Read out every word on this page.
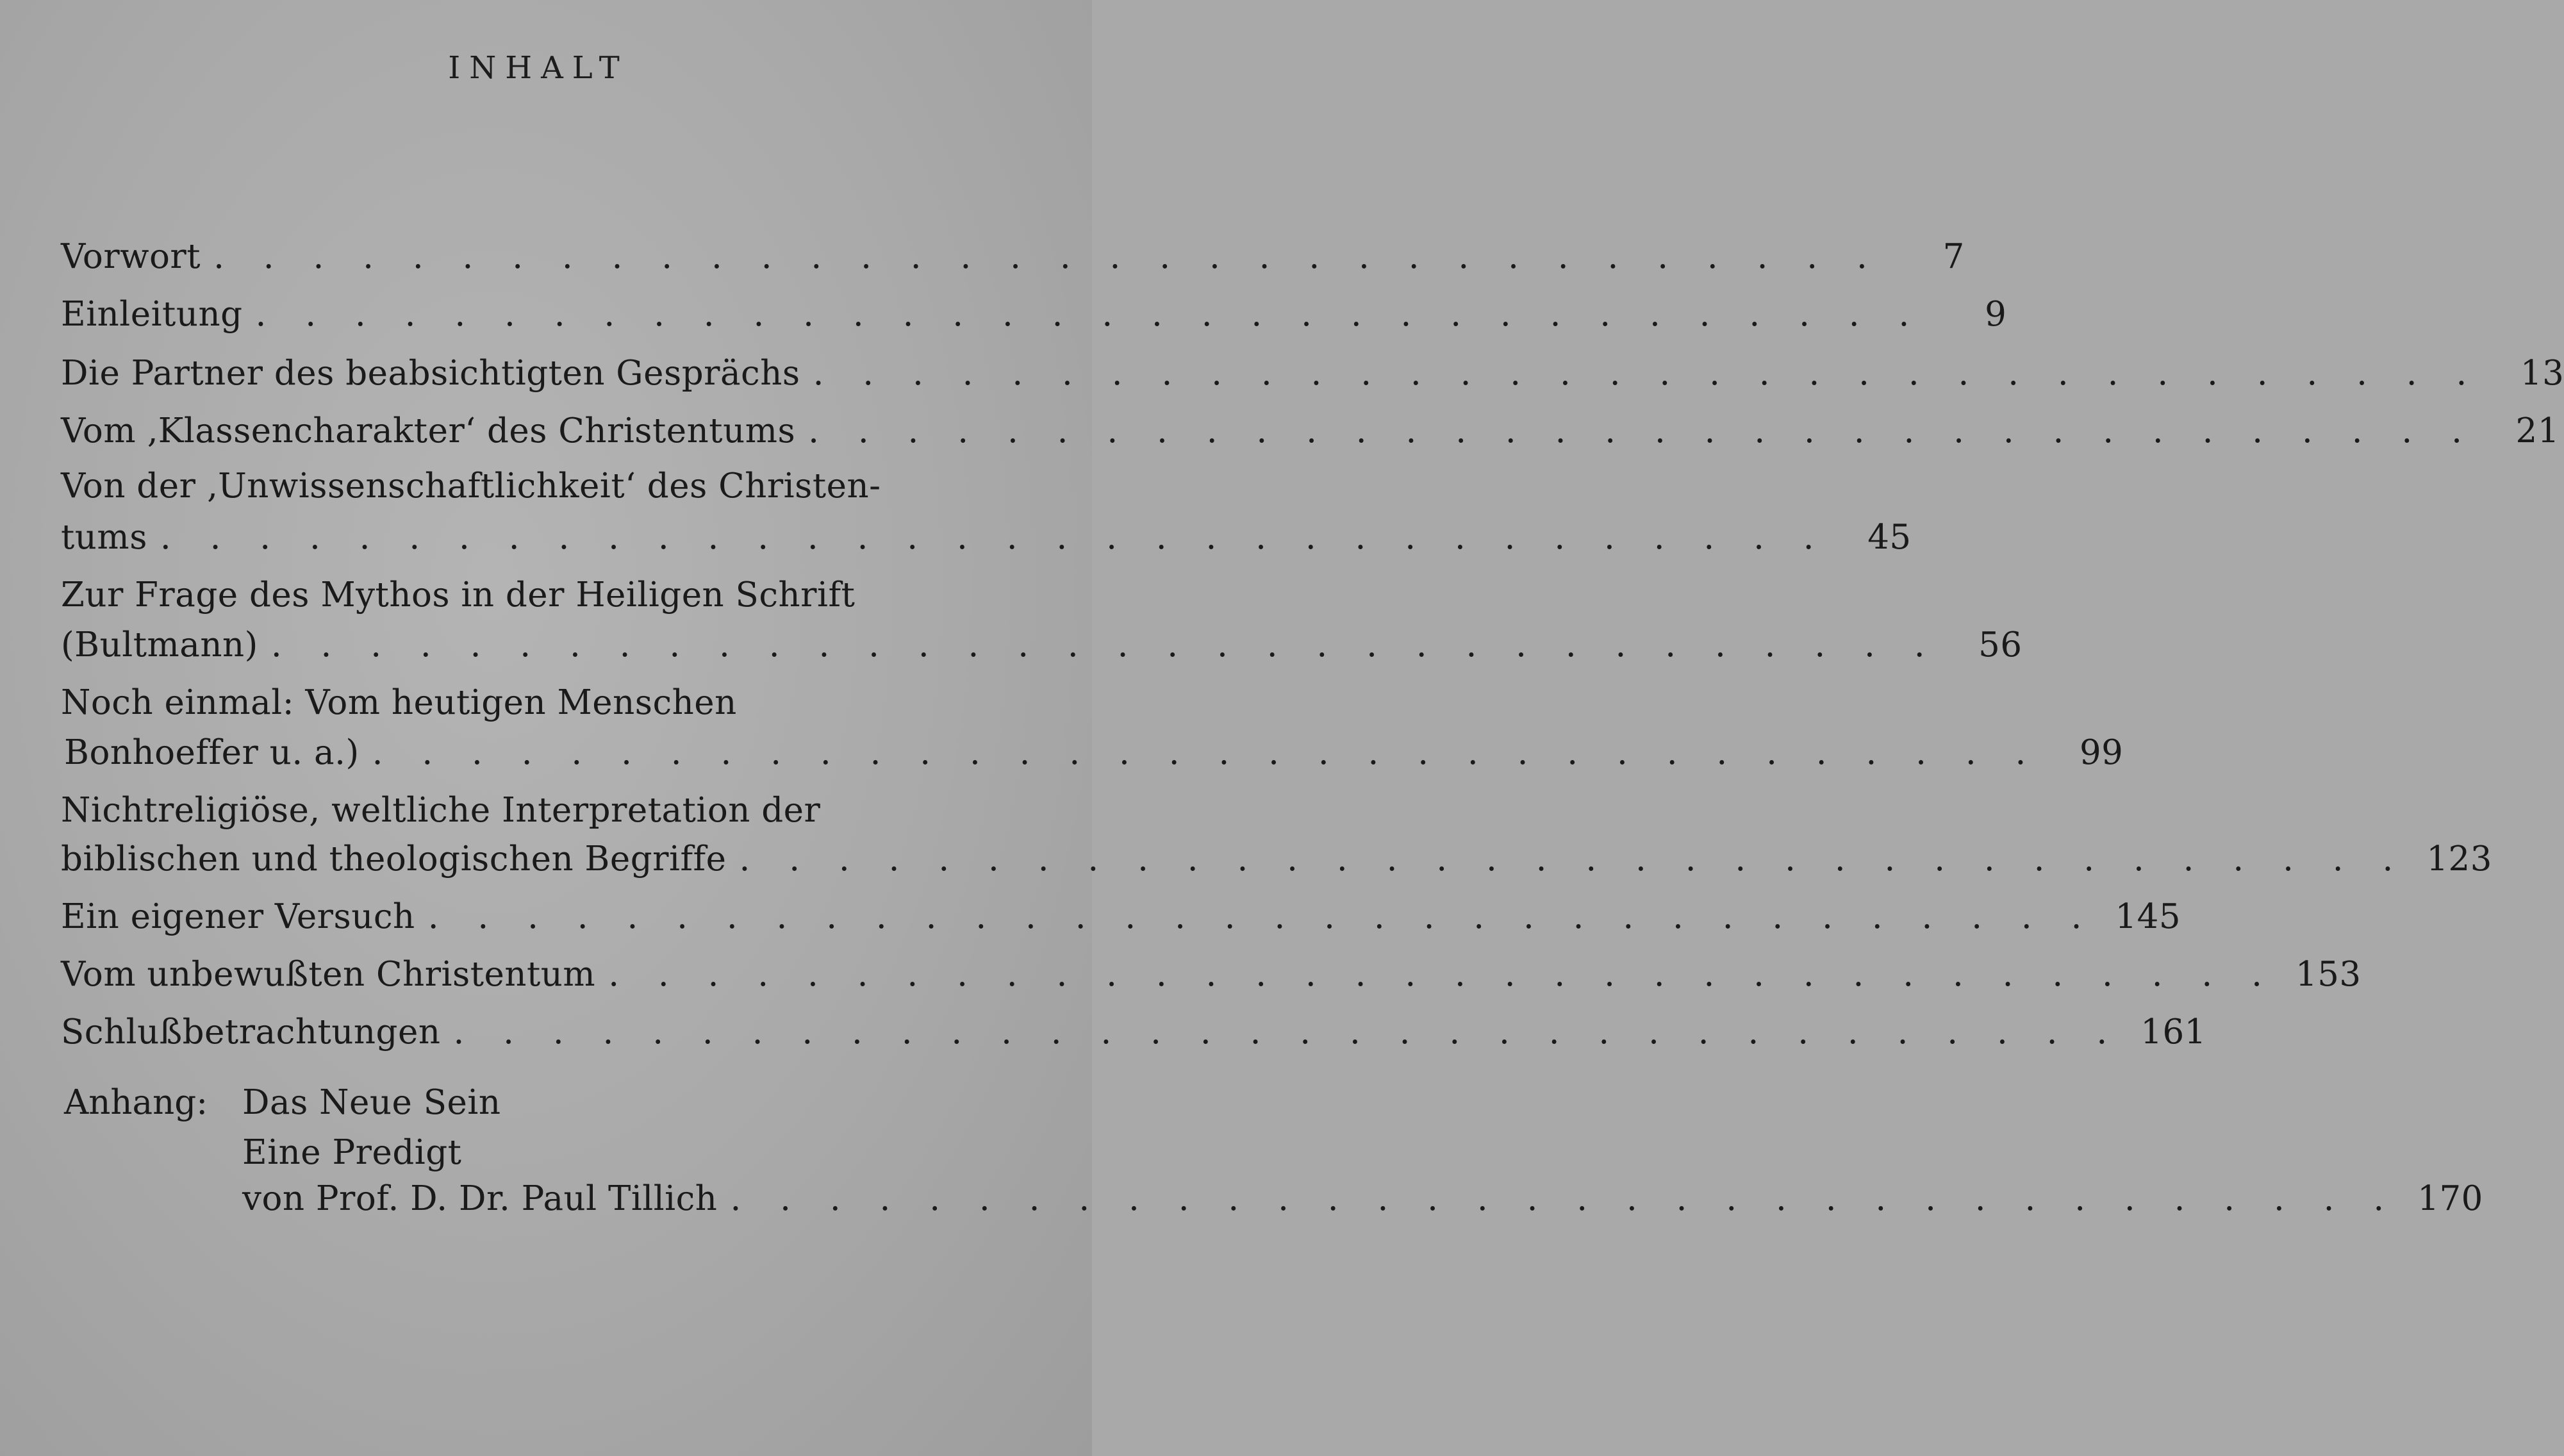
INHALT
Vorwort . . . . . . . . . . . . . . . . . . . . . . . . . . . . . . . . . .	7
Einleitung . . . . . . . . . . . . . . . . . . . . . . . . . . . . . . . . . .	9
Die Partner des beabsichtigten Gesprächs . . . . . . . . . . . . . . . . . . . . . . . . . . . . . . . . . .	13
Vom ‚Klassencharakter‘ des Christentums . . . . . . . . . . . . . . . . . . . . . . . . . . . . . . . . . .	21
Von der ‚Unwissenschaftlichkeit‘ des Christen-
tums . . . . . . . . . . . . . . . . . . . . . . . . . . . . . . . . . .	45
Zur Frage des Mythos in der Heiligen Schrift
(Bultmann) . . . . . . . . . . . . . . . . . . . . . . . . . . . . . . . . . .	56
Noch einmal: Vom heutigen Menschen
Bonhoeffer u. a.) . . . . . . . . . . . . . . . . . . . . . . . . . . . . . . . . . .	99
Nichtreligiöse, weltliche Interpretation der
biblischen und theologischen Begriffe . . . . . . . . . . . . . . . . . . . . . . . . . . . . . . . . . . 123
Ein eigener Versuch . . . . . . . . . . . . . . . . . . . . . . . . . . . . . . . . . . 145
Vom unbewußten Christentum . . . . . . . . . . . . . . . . . . . . . . . . . . . . . . . . . . 153
Schlußbetrachtungen . . . . . . . . . . . . . . . . . . . . . . . . . . . . . . . . . . 161
Anhang: Das Neue Sein
Eine Predigt
von Prof. D. Dr. Paul Tillich . . . . . . . . . . . . . . . . . . . . . . . . . . . . . . . . . . 170
